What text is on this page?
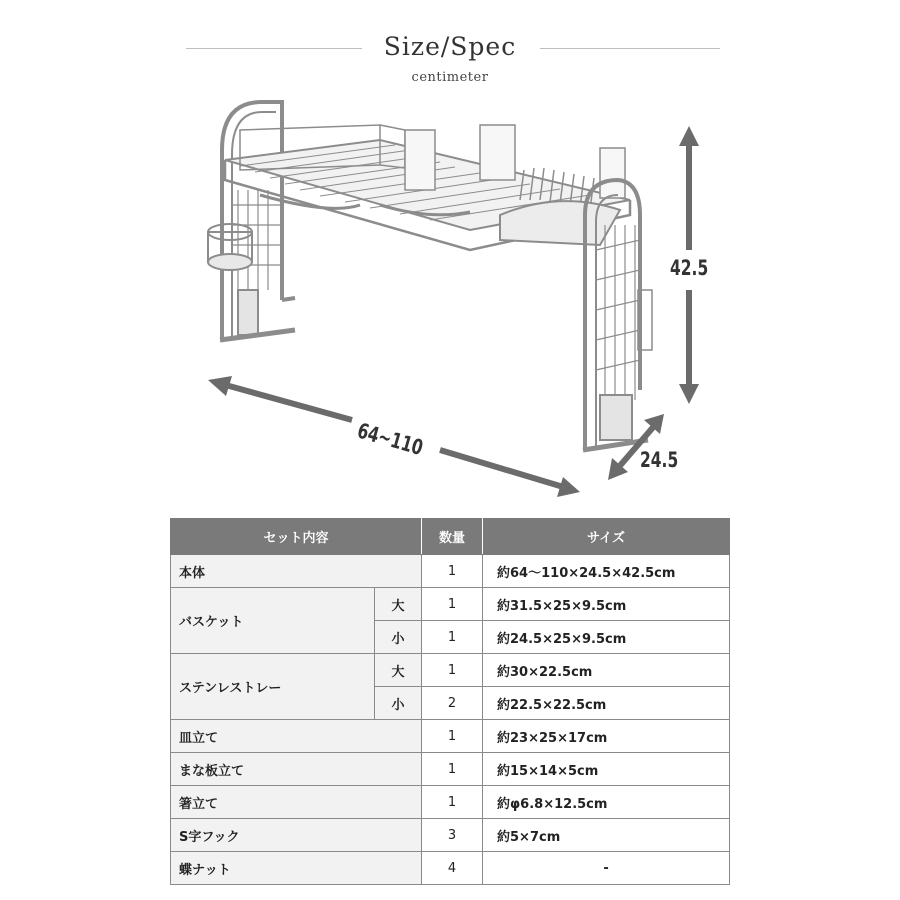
Size/Spec
centimeter
64~110
42.5
24.5
セット内容		数量	サイズ
本体		1	約64〜110×24.5×42.5cm
バスケット	大	1	約31.5×25×9.5cm
	小	1	約24.5×25×9.5cm
ステンレストレー	大	1	約30×22.5cm
	小	2	約22.5×22.5cm
皿立て		1	約23×25×17cm
まな板立て		1	約15×14×5cm
箸立て		1	約φ6.8×12.5cm
S字フック		3	約5×7cm
蝶ナット		4	-
